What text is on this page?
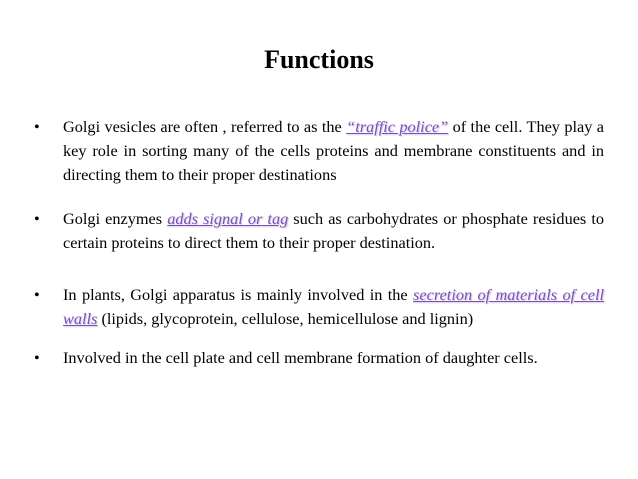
Functions
•	Golgi vesicles are often , referred to as the “traffic police” of the cell. They play a key role in sorting many of the cells proteins and membrane constituents and in directing them to their proper destinations
•	Golgi enzymes adds signal or tag such as carbohydrates or phosphate residues to certain proteins to direct them to their proper destination.
•	In plants, Golgi apparatus is mainly involved in the secretion of materials of cell walls (lipids, glycoprotein, cellulose, hemicellulose and lignin)
•	Involved in the cell plate and cell membrane formation of daughter cells.
